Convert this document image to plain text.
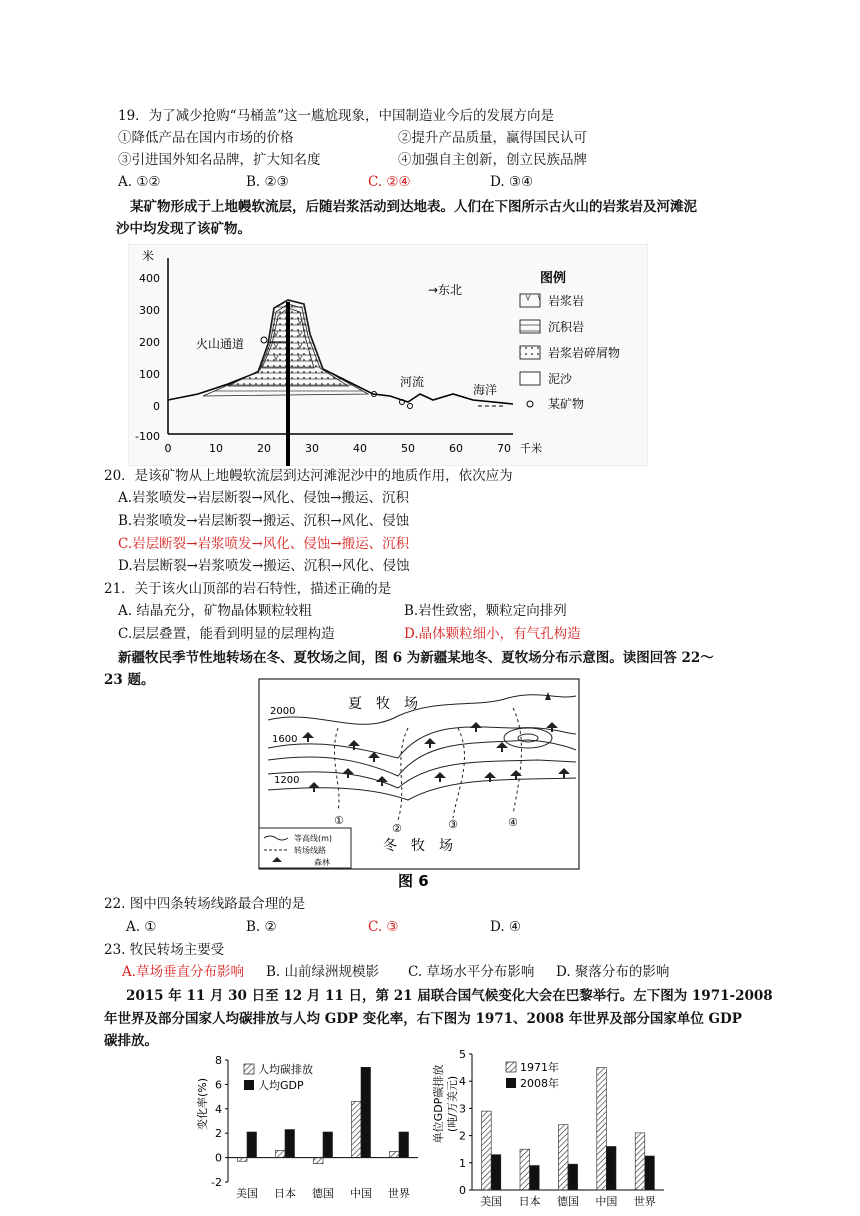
19．为了减少抢购“马桶盖”这一尴尬现象，中国制造业今后的发展方向是
①降低产品在国内市场的价格	②提升产品质量，赢得国民认可
③引进国外知名品牌，扩大知名度	④加强自主创新，创立民族品牌
A. ①②	B. ②③	C. ②④	D. ③④
某矿物形成于上地幔软流层，后随岩浆活动到达地表。人们在下图所示古火山的岩浆岩及河滩泥
沙中均发现了该矿物。
米
400
300
200
100
0
-100
0	10	20	30	40	50	60	70 千米
火山通道
河流
海洋
→东北
图例
岩浆岩
沉积岩
岩浆岩碎屑物
泥沙
某矿物
20．是该矿物从上地幔软流层到达河滩泥沙中的地质作用，依次应为
A.岩浆喷发→岩层断裂→风化、侵蚀→搬运、沉积
B.岩浆喷发→岩层断裂→搬运、沉积→风化、侵蚀
C.岩层断裂→岩浆喷发→风化、侵蚀→搬运、沉积
D.岩层断裂→岩浆喷发→搬运、沉积→风化、侵蚀
21．关于该火山顶部的岩石特性，描述正确的是
A. 结晶充分，矿物晶体颗粒较粗	B.岩性致密，颗粒定向排列
C.层层叠置，能看到明显的层理构造	D.晶体颗粒细小，有气孔构造
新疆牧民季节性地转场在冬、夏牧场之间，图 6 为新疆某地冬、夏牧场分布示意图。读图回答 22～
23 题。
夏　牧　场
冬　牧　场
2000
1600
1200
①
②	③	④
等高线(m)
转场线路
森林
图 6
22. 图中四条转场线路最合理的是
A. ①	B. ②	C. ③	D. ④
23. 牧民转场主要受
A.草场垂直分布影响 B. 山前绿洲规模影 C. 草场水平分布影响 D. 聚落分布的影响
2015 年 11 月 30 日至 12 月 11 日，第 21 届联合国气候变化大会在巴黎举行。左下图为 1971-2008
年世界及部分国家人均碳排放与人均 GDP 变化率，右下图为 1971、2008 年世界及部分国家单位 GDP
碳排放。
变化率(%)
8
6
4
2
0
-2
美国 日本 德国 中国 世界
人均碳排放
人均GDP	单位GDP碳排放 (吨/万美元)
5
4
3
2
1
0
美国 日本 德国 中国 世界
1971年
2008年
